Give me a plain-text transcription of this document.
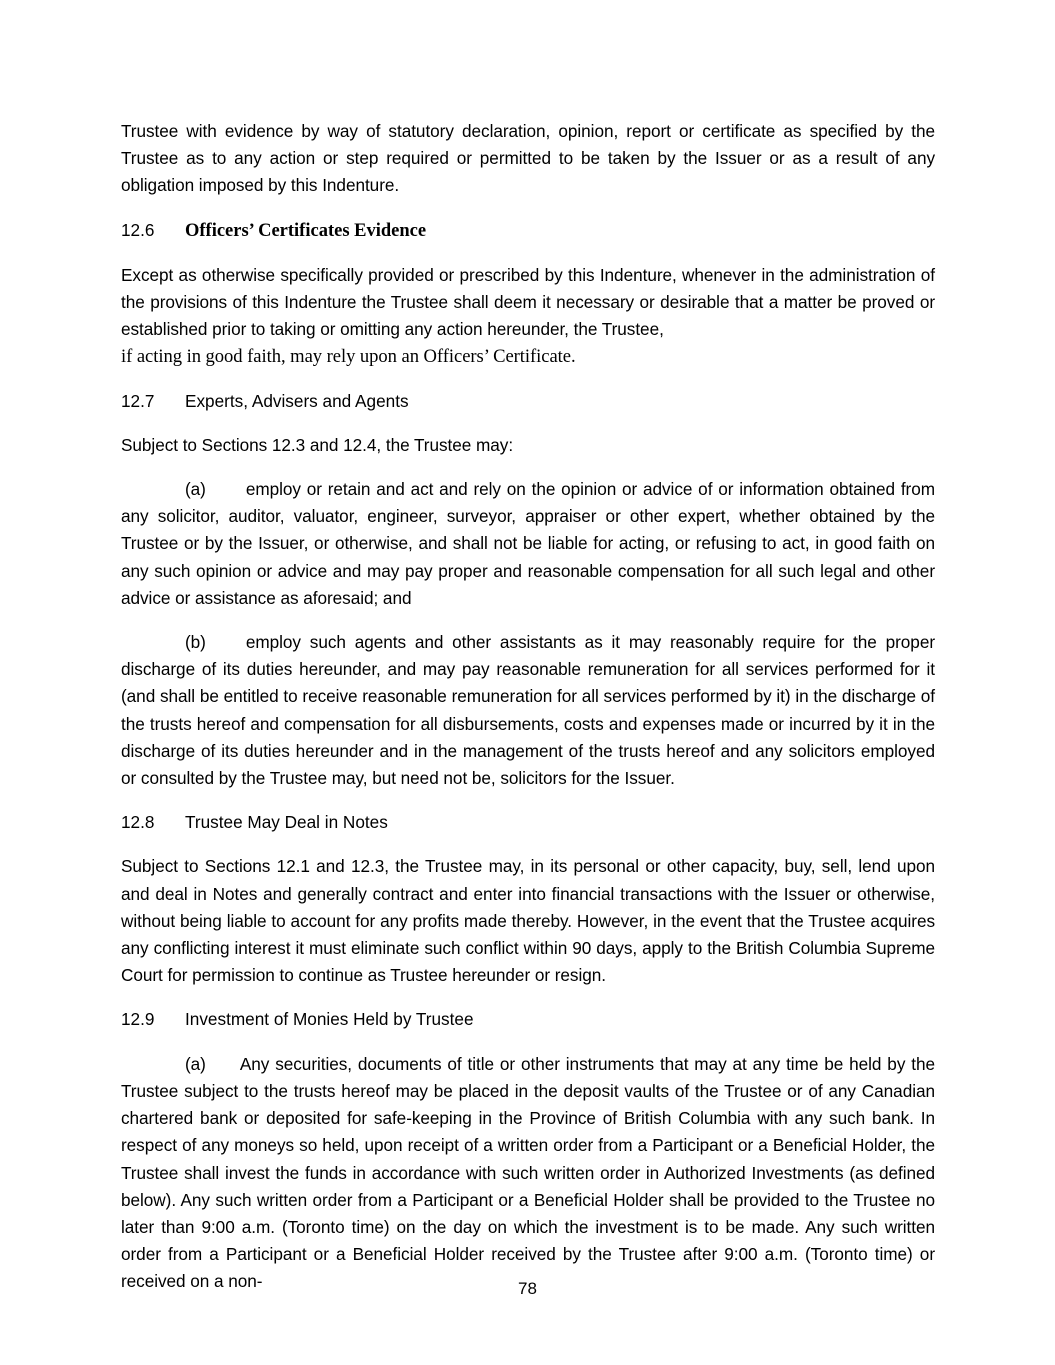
Trustee with evidence by way of statutory declaration, opinion, report or certificate as specified by the Trustee as to any action or step required or permitted to be taken by the Issuer or as a result of any obligation imposed by this Indenture.

12.6 Officers’ Certificates Evidence

Except as otherwise specifically provided or prescribed by this Indenture, whenever in the administration of the provisions of this Indenture the Trustee shall deem it necessary or desirable that a matter be proved or established prior to taking or omitting any action hereunder, the Trustee,

if acting in good faith, may rely upon an Officers’ Certificate.

12.7 Experts, Advisers and Agents

Subject to Sections 12.3 and 12.4, the Trustee may:

(a) employ or retain and act and rely on the opinion or advice of or information obtained from any solicitor, auditor, valuator, engineer, surveyor, appraiser or other expert, whether obtained by the Trustee or by the Issuer, or otherwise, and shall not be liable for acting, or refusing to act, in good faith on any such opinion or advice and may pay proper and reasonable compensation for all such legal and other advice or assistance as aforesaid; and

(b) employ such agents and other assistants as it may reasonably require for the proper discharge of its duties hereunder, and may pay reasonable remuneration for all services performed for it (and shall be entitled to receive reasonable remuneration for all services performed by it) in the discharge of the trusts hereof and compensation for all disbursements, costs and expenses made or incurred by it in the discharge of its duties hereunder and in the management of the trusts hereof and any solicitors employed or consulted by the Trustee may, but need not be, solicitors for the Issuer.

12.8 Trustee May Deal in Notes

Subject to Sections 12.1 and 12.3, the Trustee may, in its personal or other capacity, buy, sell, lend upon and deal in Notes and generally contract and enter into financial transactions with the Issuer or otherwise, without being liable to account for any profits made thereby. However, in the event that the Trustee acquires any conflicting interest it must eliminate such conflict within 90 days, apply to the British Columbia Supreme Court for permission to continue as Trustee hereunder or resign.

12.9 Investment of Monies Held by Trustee

(a) Any securities, documents of title or other instruments that may at any time be held by the Trustee subject to the trusts hereof may be placed in the deposit vaults of the Trustee or of any Canadian chartered bank or deposited for safe-keeping in the Province of British Columbia with any such bank. In respect of any moneys so held, upon receipt of a written order from a Participant or a Beneficial Holder, the Trustee shall invest the funds in accordance with such written order in Authorized Investments (as defined below). Any such written order from a Participant or a Beneficial Holder shall be provided to the Trustee no later than 9:00 a.m. (Toronto time) on the day on which the investment is to be made. Any such written order from a Participant or a Beneficial Holder received by the Trustee after 9:00 a.m. (Toronto time) or received on a non-	78
